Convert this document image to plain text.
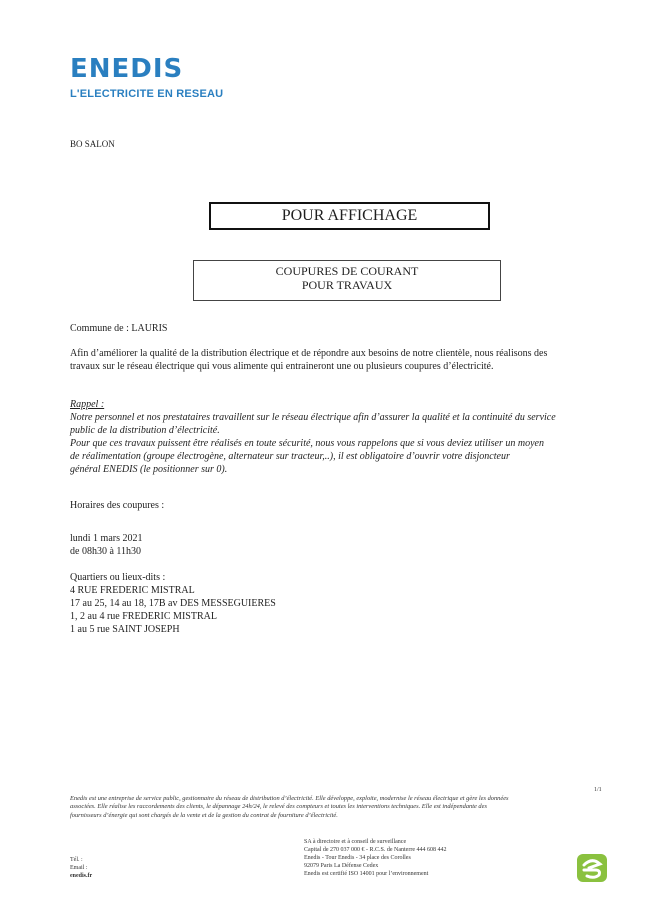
ENEDIS
L'ELECTRICITE EN RESEAU
BO SALON
POUR AFFICHAGE
COUPURES DE COURANT
POUR TRAVAUX
Commune de : LAURIS
Afin d’améliorer la qualité de la distribution électrique et de répondre aux besoins de notre clientèle, nous réalisons des
travaux sur le réseau électrique qui vous alimente qui entraineront une ou plusieurs coupures d’électricité.
Rappel :
Notre personnel et nos prestataires travaillent sur le réseau électrique afin d’assurer la qualité et la continuité du service
public de la distribution d’électricité.
Pour que ces travaux puissent être réalisés en toute sécurité, nous vous rappelons que si vous deviez utiliser un moyen
de réalimentation (groupe électrogène, alternateur sur tracteur,..), il est obligatoire d’ouvrir votre disjoncteur
général ENEDIS (le positionner sur 0).
Horaires des coupures :
lundi 1 mars 2021
de 08h30 à 11h30
Quartiers ou lieux-dits :
4 RUE FREDERIC MISTRAL
17 au 25, 14 au 18, 17B av DES MESSEGUIERES
1, 2 au 4 rue FREDERIC MISTRAL
1 au 5 rue SAINT JOSEPH
1/1
Enedis est une entreprise de service public, gestionnaire du réseau de distribution d’électricité. Elle développe, exploite, modernise le réseau électrique et gère les données
associées. Elle réalise les raccordements des clients, le dépannage 24h/24, le relevé des compteurs et toutes les interventions techniques. Elle est indépendante des
fournisseurs d’énergie qui sont chargés de la vente et de la gestion du contrat de fourniture d’électricité.
Tél. :
Email :
enedis.fr
SA à directoire et à conseil de surveillance
Capital de 270 037 000 € - R.C.S. de Nanterre 444 608 442
Enedis - Tour Enedis - 34 place des Corolles
92079 Paris La Défense Cedex
Enedis est certifié ISO 14001 pour l’environnement
